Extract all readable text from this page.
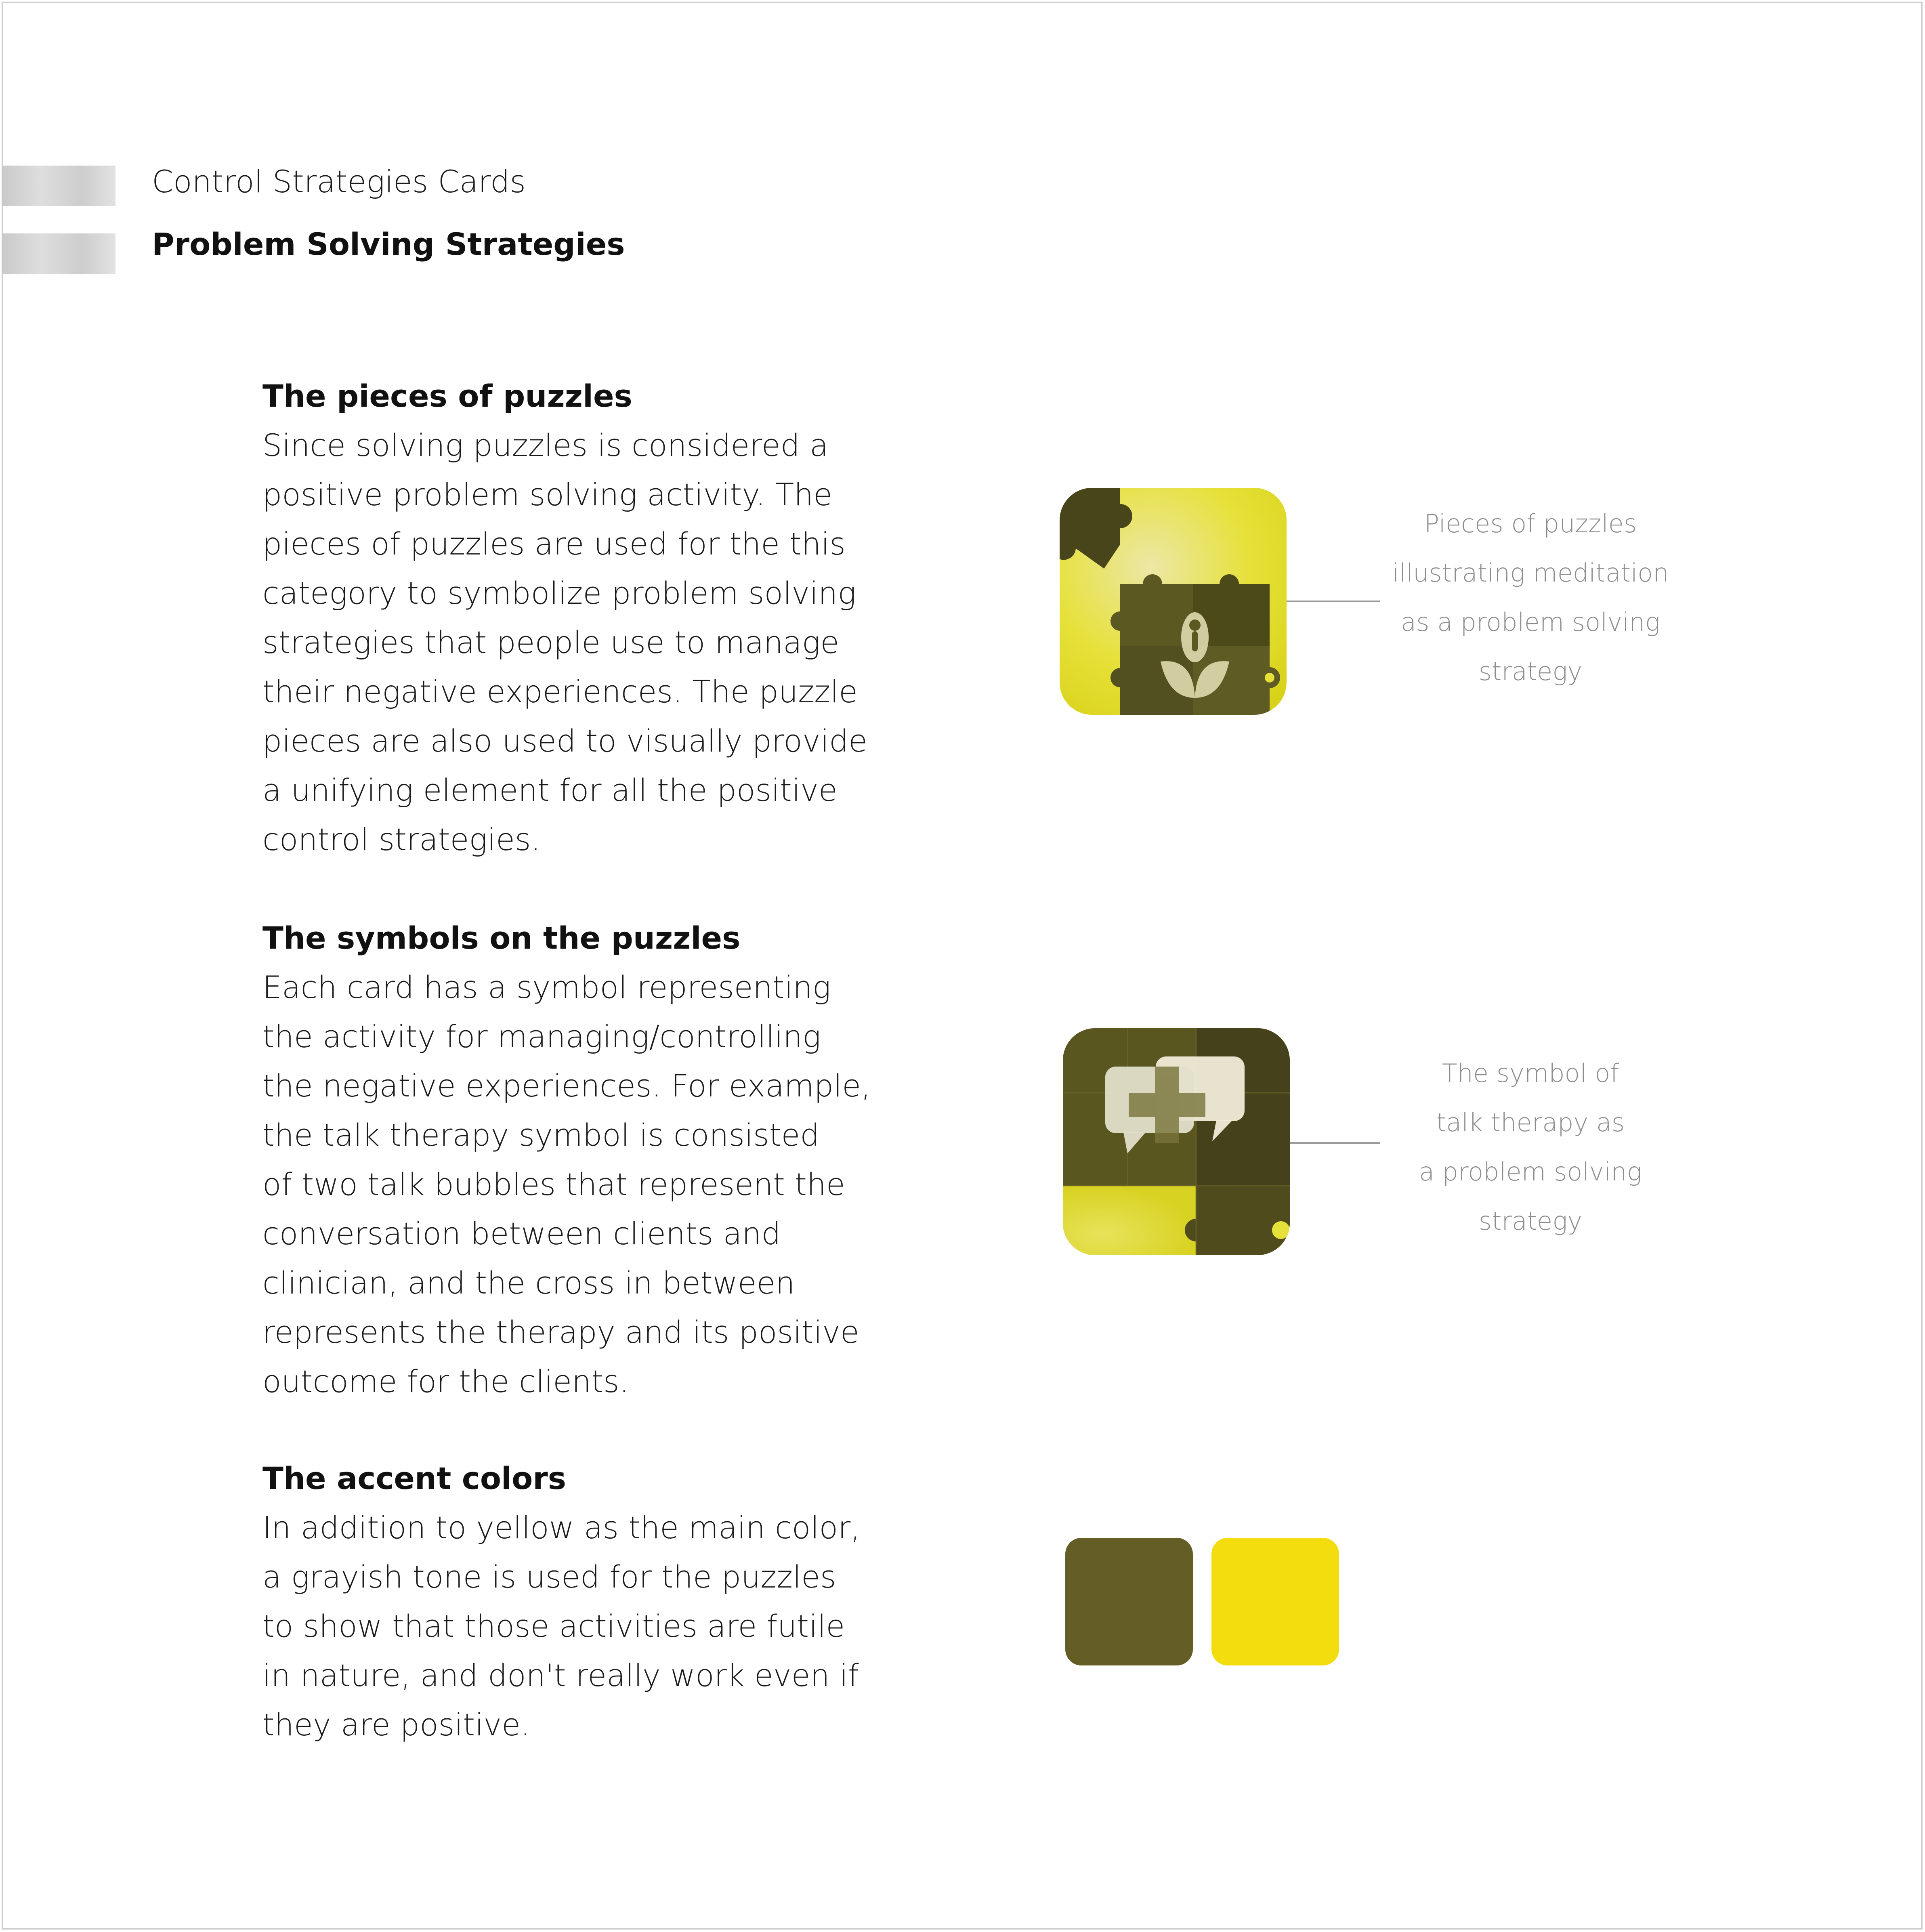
Control Strategies Cards
Problem Solving Strategies
The pieces of puzzles

Since solving puzzles is considered a
positive problem solving activity. The
pieces of puzzles are used for the this
category to symbolize problem solving
strategies that people use to manage
their negative experiences. The puzzle
pieces are also used to visually provide
a unifying element for all the positive
control strategies.

The symbols on the puzzles

Each card has a symbol representing
the activity for managing/controlling
the negative experiences. For example,
the talk therapy symbol is consisted
of two talk bubbles that represent the
conversation between clients and
clinician, and the cross in between
represents the therapy and its positive
outcome for the clients.

The accent colors

In addition to yellow as the main color,
a grayish tone is used for the puzzles
to show that those activities are futile
in nature, and don't really work even if
they are positive.

Pieces of puzzles
illustrating meditation
as a problem solving
strategy
The symbol of
talk therapy as
a problem solving
strategy
